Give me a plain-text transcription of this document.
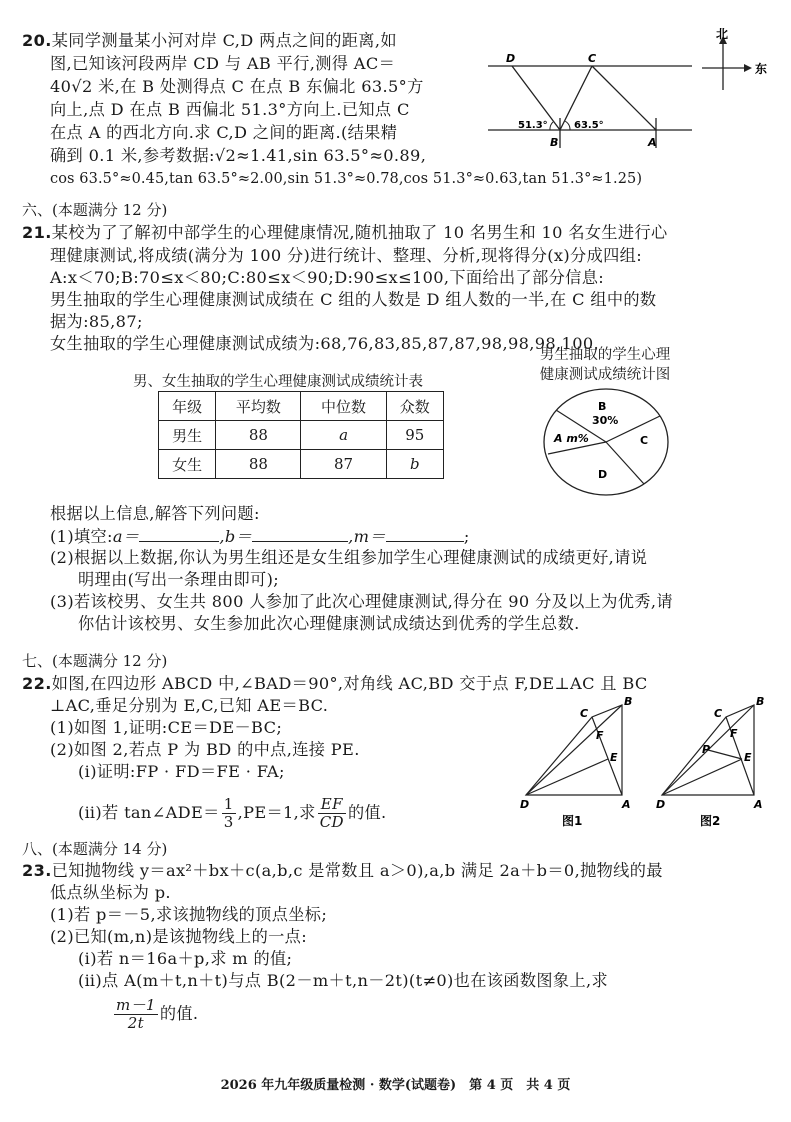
20.某同学测量某小河对岸 C,D 两点之间的距离,如
图,已知该河段两岸 CD 与 AB 平行,测得 AC＝
40√2 米,在 B 处测得点 C 在点 B 东偏北 63.5°方
向上,点 D 在点 B 西偏北 51.3°方向上.已知点 C
在点 A 的西北方向.求 C,D 之间的距离.(结果精
确到 0.1 米,参考数据:√2≈1.41,sin 63.5°≈0.89,
cos 63.5°≈0.45,tan 63.5°≈2.00,sin 51.3°≈0.78,cos 51.3°≈0.63,tan 51.3°≈1.25)
D	C
B	A
51.3°	63.5°
北
东
六、(本题满分 12 分)
21.某校为了了解初中部学生的心理健康情况,随机抽取了 10 名男生和 10 名女生进行心
理健康测试,将成绩(满分为 100 分)进行统计、整理、分析,现将得分(x)分成四组:
A:x＜70;B:70≤x＜80;C:80≤x＜90;D:90≤x≤100,下面给出了部分信息:
男生抽取的学生心理健康测试成绩在 C 组的人数是 D 组人数的一半,在 C 组中的数
据为:85,87;
女生抽取的学生心理健康测试成绩为:68,76,83,85,87,87,98,98,98,100.
男、女生抽取的学生心理健康测试成绩统计表
年级	平均数	中位数	众数
男生	88	a	95
女生	88	87	b
男生抽取的学生心理
健康测试成绩统计图
B
30%
A m%	C
D
根据以上信息,解答下列问题:
(1)填空:a＝	,b＝	,m＝	;
(2)根据以上数据,你认为男生组还是女生组参加学生心理健康测试的成绩更好,请说
明理由(写出一条理由即可);
(3)若该校男、女生共 800 人参加了此次心理健康测试,得分在 90 分及以上为优秀,请
你估计该校男、女生参加此次心理健康测试成绩达到优秀的学生总数.
七、(本题满分 12 分)
22.如图,在四边形 ABCD 中,∠BAD＝90°,对角线 AC,BD 交于点 F,DE⊥AC 且 BC
⊥AC,垂足分别为 E,C,已知 AE＝BC.
(1)如图 1,证明:CE＝DE－BC;
(2)如图 2,若点 P 为 BD 的中点,连接 PE.
(ⅰ)证明:FP · FD＝FE · FA;
(ⅱ)若 tan∠ADE＝ $\frac{1}{3} ,PE=1$,求 $\frac{EF}{CD}$ 的值.	D	A
B
C
E
F
图1
D	A
B
C
E
F
P
图2
八、(本题满分 14 分)
23.已知抛物线 y＝ax²＋bx＋c(a,b,c 是常数且 a＞0),a,b 满足 2a＋b＝0,抛物线的最
低点纵坐标为 p.
(1)若 p＝－5,求该抛物线的顶点坐标;
(2)已知(m,n)是该抛物线上的一点:
(ⅰ)若 n＝16a＋p,求 m 的值;
(ⅱ)点 A(m＋t,n＋t)与点 B(2－m＋t,n－2t)(t≠0)也在该函数图象上,求
$\frac{m-1}{2t}$ 的值.
2026 年九年级质量检测 · 数学(试题卷)　第 4 页　共 4 页
